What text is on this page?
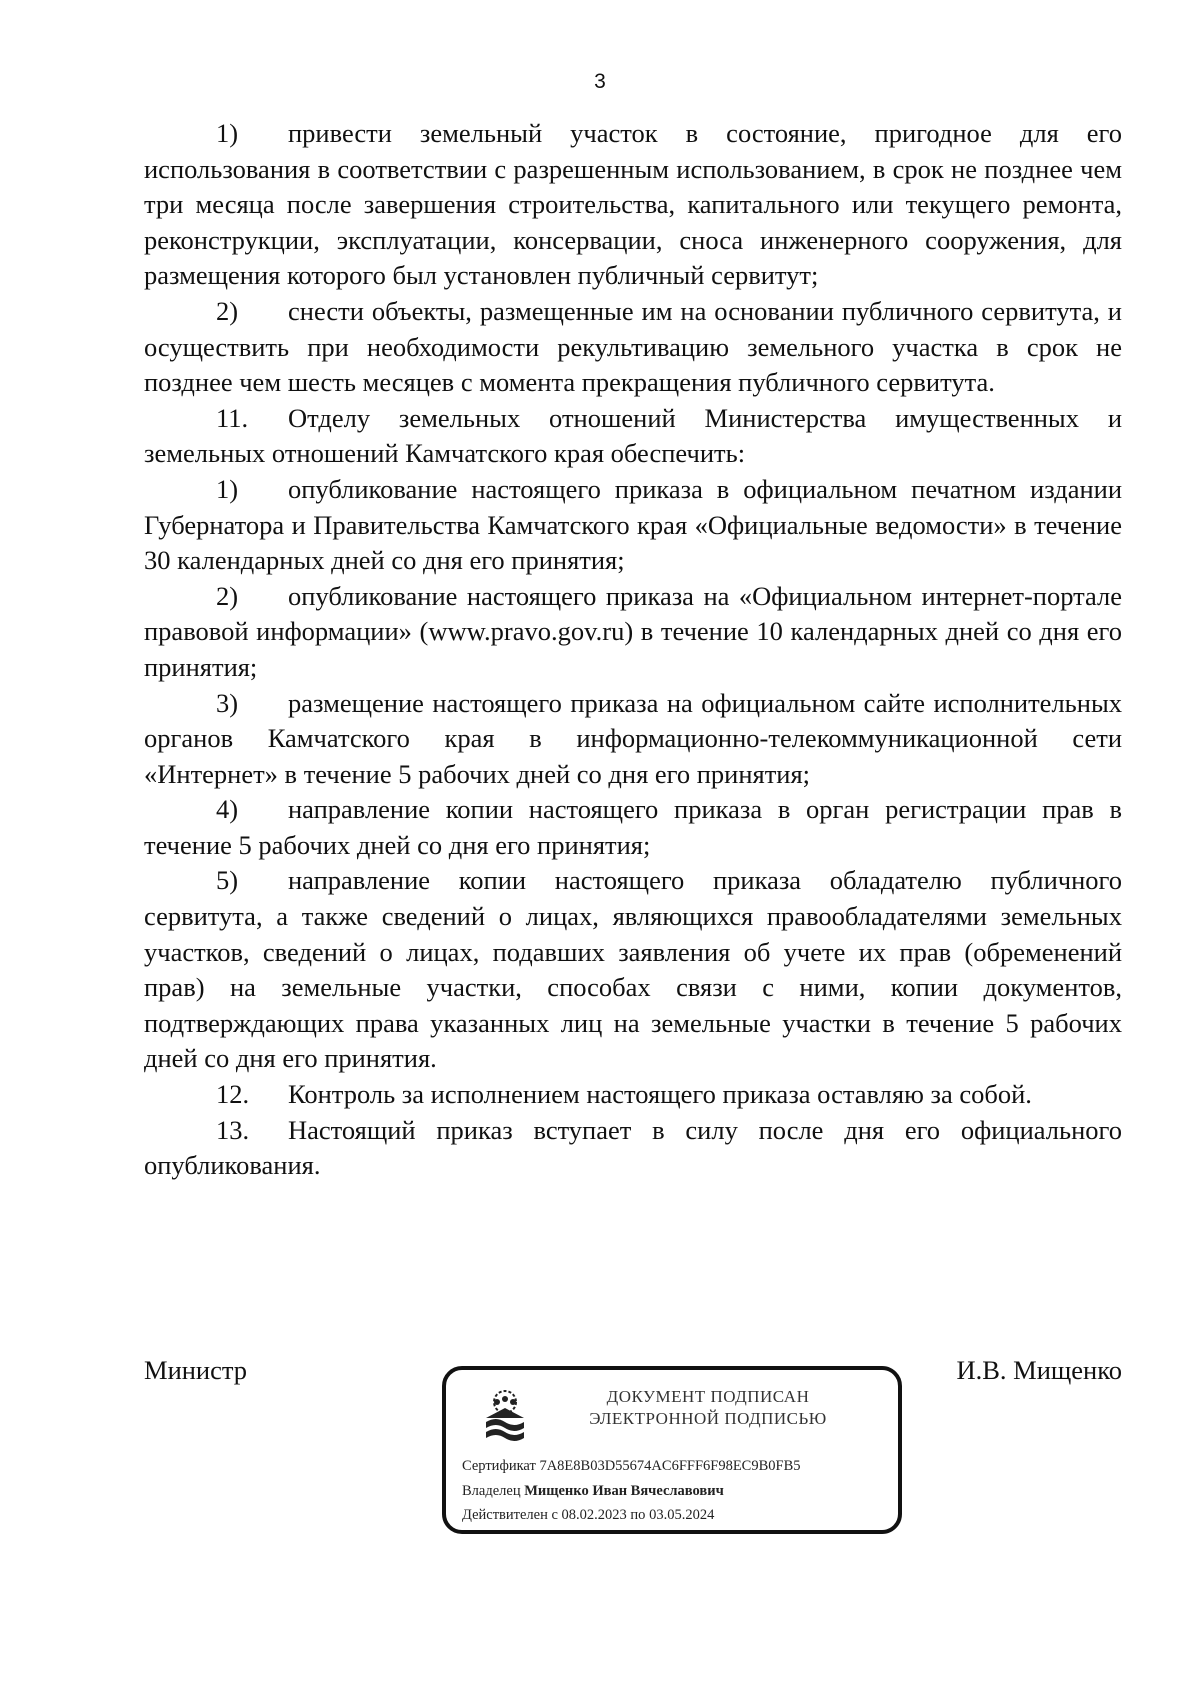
3

1) привести земельный участок в состояние, пригодное для его использования в соответствии с разрешенным использованием, в срок не позднее чем три месяца после завершения строительства, капитального или текущего ремонта, реконструкции, эксплуатации, консервации, сноса инженерного сооружения, для размещения которого был установлен публичный сервитут;

2) снести объекты, размещенные им на основании публичного сервитута, и осуществить при необходимости рекультивацию земельного участка в срок не позднее чем шесть месяцев с момента прекращения публичного сервитута.

11. Отделу земельных отношений Министерства имущественных и земельных отношений Камчатского края обеспечить:

1) опубликование настоящего приказа в официальном печатном издании Губернатора и Правительства Камчатского края «Официальные ведомости» в течение 30 календарных дней со дня его принятия;

2) опубликование настоящего приказа на «Официальном интернет-портале правовой информации» (www.pravo.gov.ru) в течение 10 календарных дней со дня его принятия;

3) размещение настоящего приказа на официальном сайте исполнительных органов Камчатского края в информационно-телекоммуникационной сети «Интернет» в течение 5 рабочих дней со дня его принятия;

4) направление копии настоящего приказа в орган регистрации прав в течение 5 рабочих дней со дня его принятия;

5) направление копии настоящего приказа обладателю публичного сервитута, а также сведений о лицах, являющихся правообладателями земельных участков, сведений о лицах, подавших заявления об учете их прав (обременений прав) на земельные участки, способах связи с ними, копии документов, подтверждающих права указанных лиц на земельные участки в течение 5 рабочих дней со дня его принятия.

12. Контроль за исполнением настоящего приказа оставляю за собой.

13. Настоящий приказ вступает в силу после дня его официального опубликования.

Министр	И.В. Мищенко
ДОКУМЕНТ ПОДПИСАН
ЭЛЕКТРОННОЙ ПОДПИСЬЮ
Сертификат 7A8E8B03D55674AC6FFF6F98EC9B0FB5
Владелец Мищенко Иван Вячеславович
Действителен с 08.02.2023 по 03.05.2024
